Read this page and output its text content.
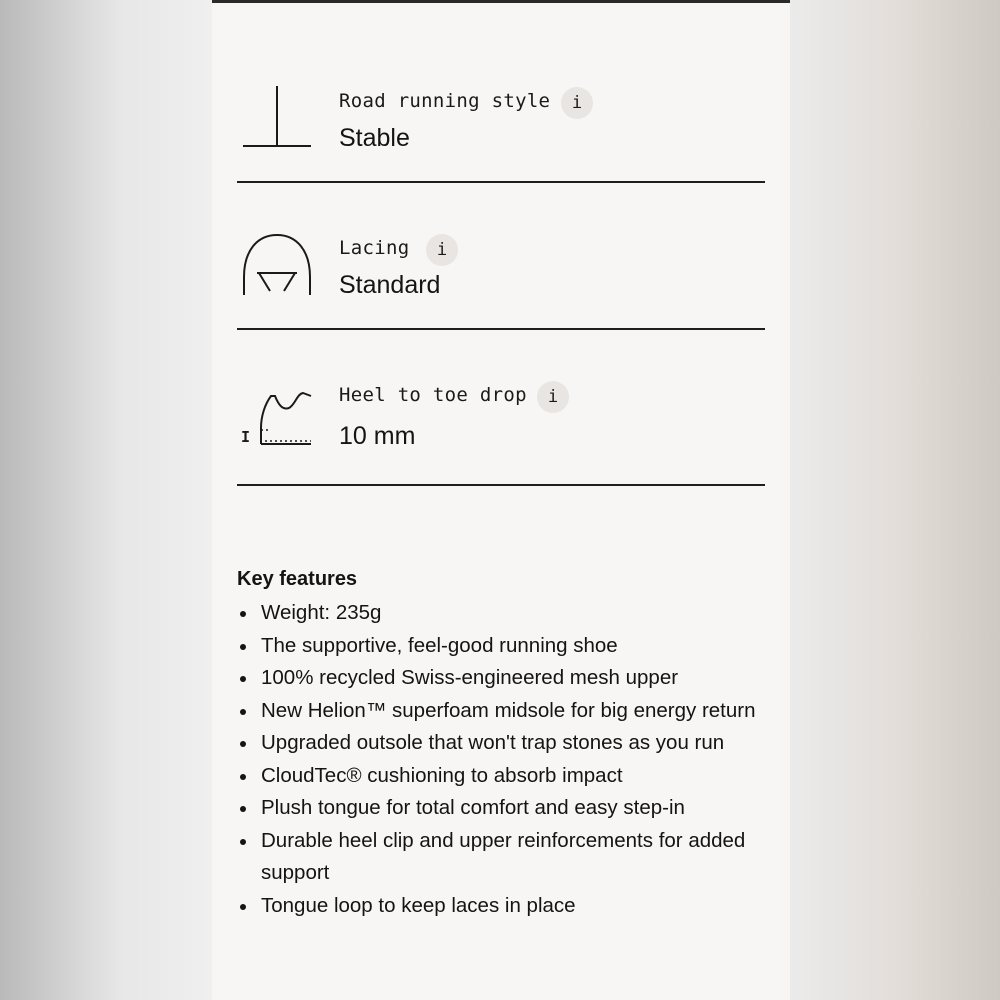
Road running style	i
Stable
Lacing	i
Standard
I
Heel to toe drop	i
10 mm
Key features
Weight: 235g
The supportive, feel-good running shoe
100% recycled Swiss-engineered mesh upper
New Helion™ superfoam midsole for big energy return
Upgraded outsole that won't trap stones as you run
CloudTec® cushioning to absorb impact
Plush tongue for total comfort and easy step-in
Durable heel clip and upper reinforcements for added support
Tongue loop to keep laces in place
